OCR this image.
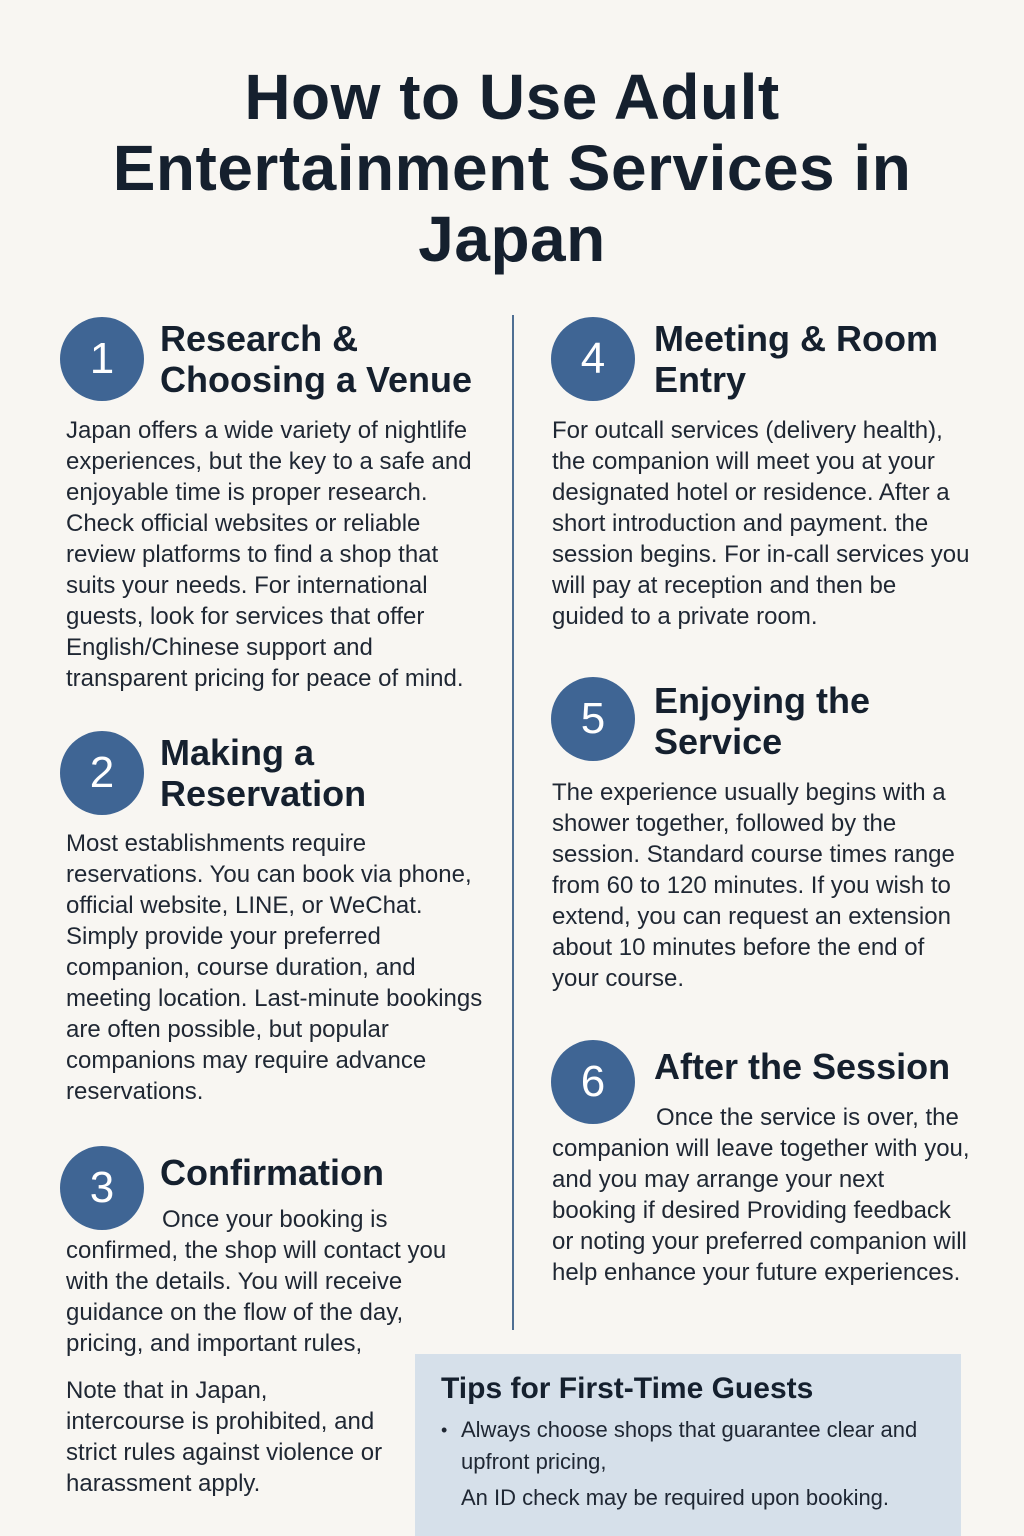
How to Use Adult Entertainment Services in Japan
1	Research & Choosing a Venue

Japan offers a wide variety of nightlife experiences, but the key to a safe and enjoyable time is proper research. Check official websites or reliable review platforms to find a shop that suits your needs. For international guests, look for services that offer English/Chinese support and transparent pricing for peace of mind.

2	Making a Reservation

Most establishments require reservations. You can book via phone, official website, LINE, or WeChat. Simply provide your preferred companion, course duration, and meeting location. Last-minute bookings are often possible, but popular companions may require advance reservations.

3	Confirmation

Once your booking is confirmed, the shop will contact you with the details. You will receive guidance on the flow of the day, pricing, and important rules,

Note that in Japan, intercourse is prohibited, and strict rules against violence or harassment apply.

4	Meeting & Room Entry

For outcall services (delivery health), the companion will meet you at your designated hotel or residence. After a short introduction and payment. the session begins. For in-call services you will pay at reception and then be guided to a private room.

5	Enjoying the Service

The experience usually begins with a shower together, followed by the session. Standard course times range from 60 to 120 minutes. If you wish to extend, you can request an extension about 10 minutes before the end of your course.

6	After the Session

Once the service is over, the companion will leave together with you, and you may arrange your next booking if desired Providing feedback or noting your preferred companion will help enhance your future experiences.

Tips for First-Time Guests
• Always choose shops that guarantee clear and upfront pricing,
An ID check may be required upon booking.
